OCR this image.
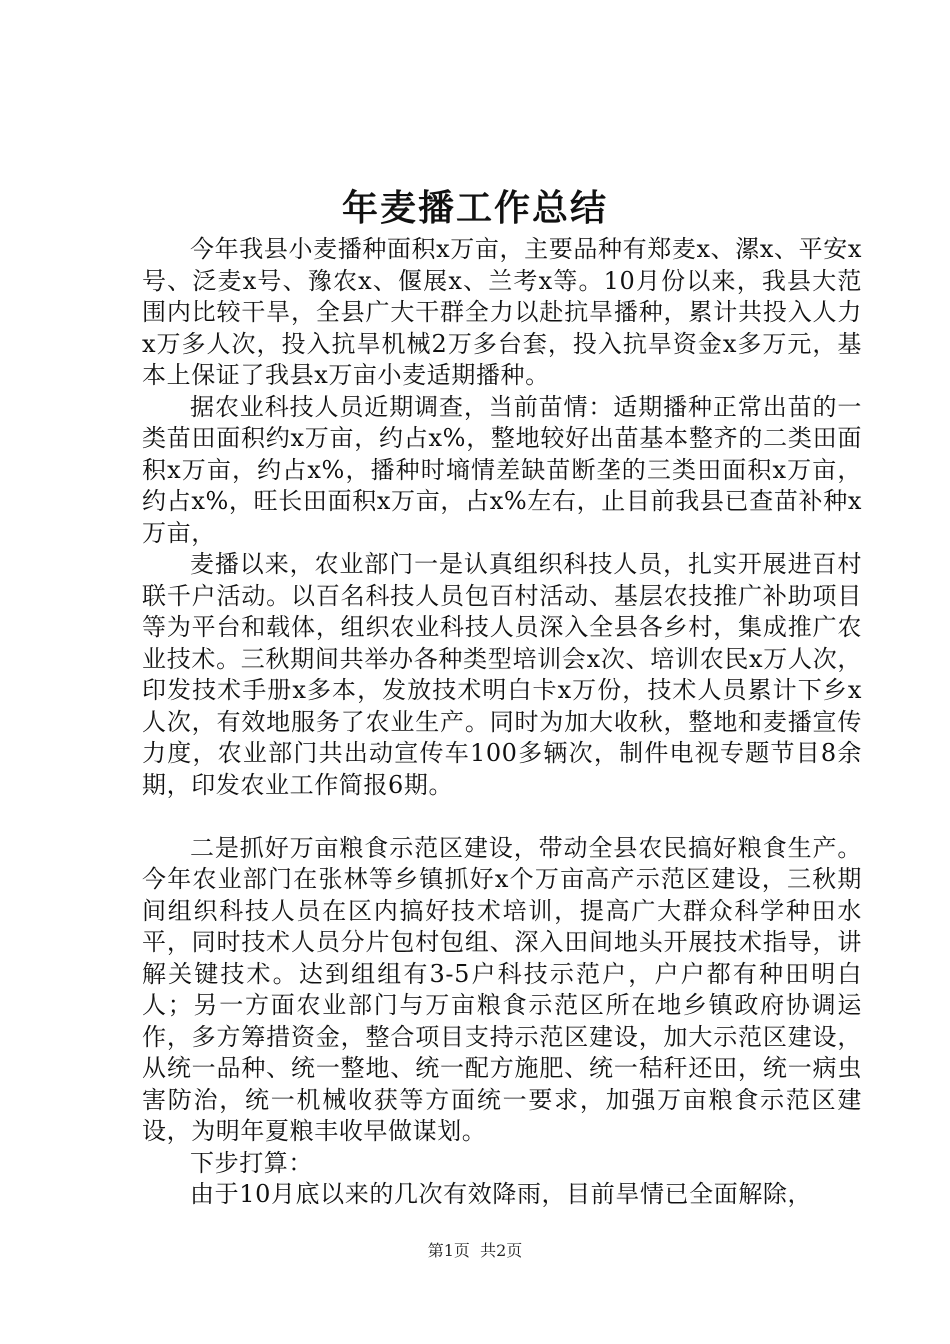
年麦播工作总结

今年我县小麦播种面积x万亩，主要品种有郑麦x、漯x、平安x号、泛麦x号、豫农x、偃展x、兰考x等。10月份以来，我县大范围内比较干旱，全县广大干群全力以赴抗旱播种，累计共投入人力x万多人次，投入抗旱机械2万多台套，投入抗旱资金x多万元，基本上保证了我县x万亩小麦适期播种。

据农业科技人员近期调查，当前苗情：适期播种正常出苗的一类苗田面积约x万亩，约占x%，整地较好出苗基本整齐的二类田面积x万亩，约占x%，播种时墒情差缺苗断垄的三类田面积x万亩，约占x%，旺长田面积x万亩，占x%左右，止目前我县已查苗补种x万亩，

麦播以来，农业部门一是认真组织科技人员，扎实开展进百村联千户活动。以百名科技人员包百村活动、基层农技推广补助项目等为平台和载体，组织农业科技人员深入全县各乡村，集成推广农业技术。三秋期间共举办各种类型培训会x次、培训农民x万人次，印发技术手册x多本，发放技术明白卡x万份，技术人员累计下乡x人次，有效地服务了农业生产。同时为加大收秋，整地和麦播宣传力度，农业部门共出动宣传车100多辆次，制件电视专题节目8余期，印发农业工作简报6期。

二是抓好万亩粮食示范区建设，带动全县农民搞好粮食生产。今年农业部门在张林等乡镇抓好x个万亩高产示范区建设，三秋期间组织科技人员在区内搞好技术培训，提高广大群众科学种田水平，同时技术人员分片包村包组、深入田间地头开展技术指导，讲解关键技术。达到组组有3-5户科技示范户，户户都有种田明白人；另一方面农业部门与万亩粮食示范区所在地乡镇政府协调运作，多方筹措资金，整合项目支持示范区建设，加大示范区建设，从统一品种、统一整地、统一配方施肥、统一秸秆还田，统一病虫害防治，统一机械收获等方面统一要求，加强万亩粮食示范区建设，为明年夏粮丰收早做谋划。

下步打算：

由于10月底以来的几次有效降雨，目前旱情已全面解除，

第1页  共2页
